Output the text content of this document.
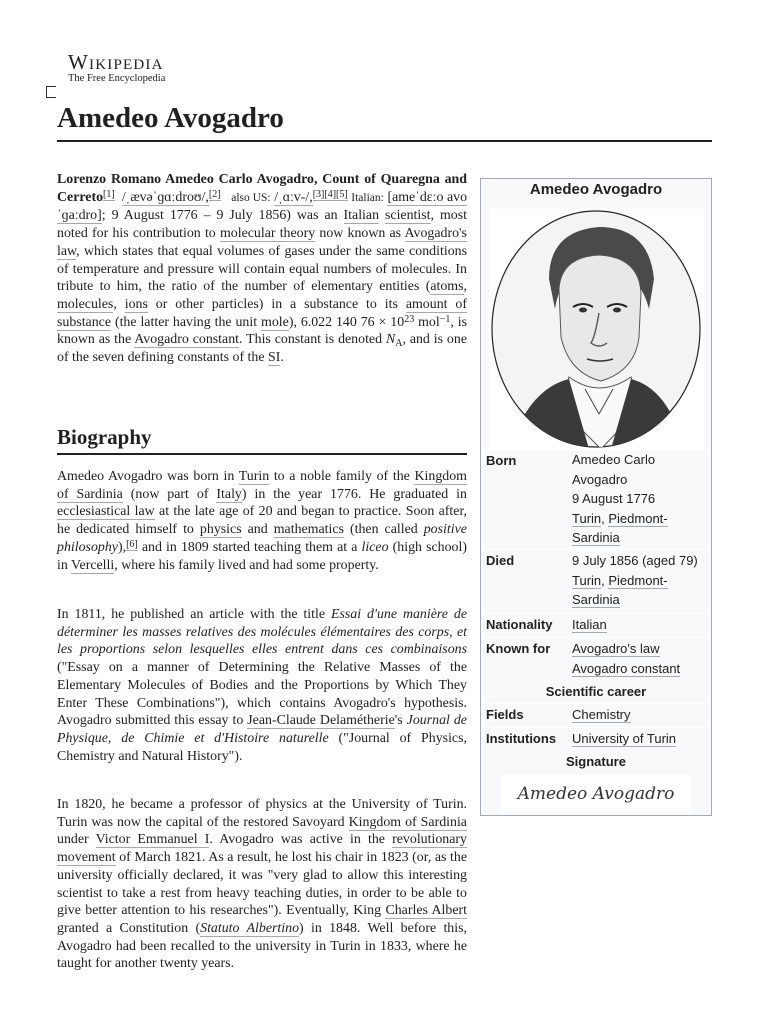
Wikipedia
The Free Encyclopedia
Amedeo Avogadro

Lorenzo Romano Amedeo Carlo Avogadro, Count of Quaregna and Cerreto[1] /ˌævəˈɡɑːdroʊ/,[2] also US: /ˌɑːv-/,[3][4][5] Italian: [ameˈdɛːo avoˈɡaːdro]; 9 August 1776 – 9 July 1856) was an Italian scientist, most noted for his contribution to molecular theory now known as Avogadro's law, which states that equal volumes of gases under the same conditions of temperature and pressure will contain equal numbers of molecules. In tribute to him, the ratio of the number of elementary entities (atoms, molecules, ions or other particles) in a substance to its amount of substance (the latter having the unit mole), 6.022 140 $76 \times 10^{23}$ mol$^{-1}$, is known as the Avogadro constant. This constant is denoted $N_A$, and is one of the seven defining constants of the SI.

Biography

Amedeo Avogadro was born in Turin to a noble family of the Kingdom of Sardinia (now part of Italy) in the year 1776. He graduated in ecclesiastical law at the late age of 20 and began to practice. Soon after, he dedicated himself to physics and mathematics (then called positive philosophy),[6] and in 1809 started teaching them at a liceo (high school) in Vercelli, where his family lived and had some property.

In 1811, he published an article with the title Essai d'une manière de déterminer les masses relatives des molécules élémentaires des corps, et les proportions selon lesquelles elles entrent dans ces combinaisons ("Essay on a manner of Determining the Relative Masses of the Elementary Molecules of Bodies and the Proportions by Which They Enter These Combinations"), which contains Avogadro's hypothesis. Avogadro submitted this essay to Jean-Claude Delamétherie's Journal de Physique, de Chimie et d'Histoire naturelle ("Journal of Physics, Chemistry and Natural History").

In 1820, he became a professor of physics at the University of Turin. Turin was now the capital of the restored Savoyard Kingdom of Sardinia under Victor Emmanuel I. Avogadro was active in the revolutionary movement of March 1821. As a result, he lost his chair in 1823 (or, as the university officially declared, it was "very glad to allow this interesting scientist to take a rest from heavy teaching duties, in order to be able to give better attention to his researches"). Eventually, King Charles Albert granted a Constitution (Statuto Albertino) in 1848. Well before this, Avogadro had been recalled to the university in Turin in 1833, where he taught for another twenty years.

Amedeo Avogadro
Born	Amedeo Carlo Avogadro
9 August 1776
Turin, Piedmont-Sardinia
Died	9 July 1856 (aged 79)
Turin, Piedmont-Sardinia
Nationality Italian
Known for Avogadro's law
Avogadro constant
Scientific career
Fields	Chemistry
Institutions University of Turin
Signature
Amedeo Avogadro
